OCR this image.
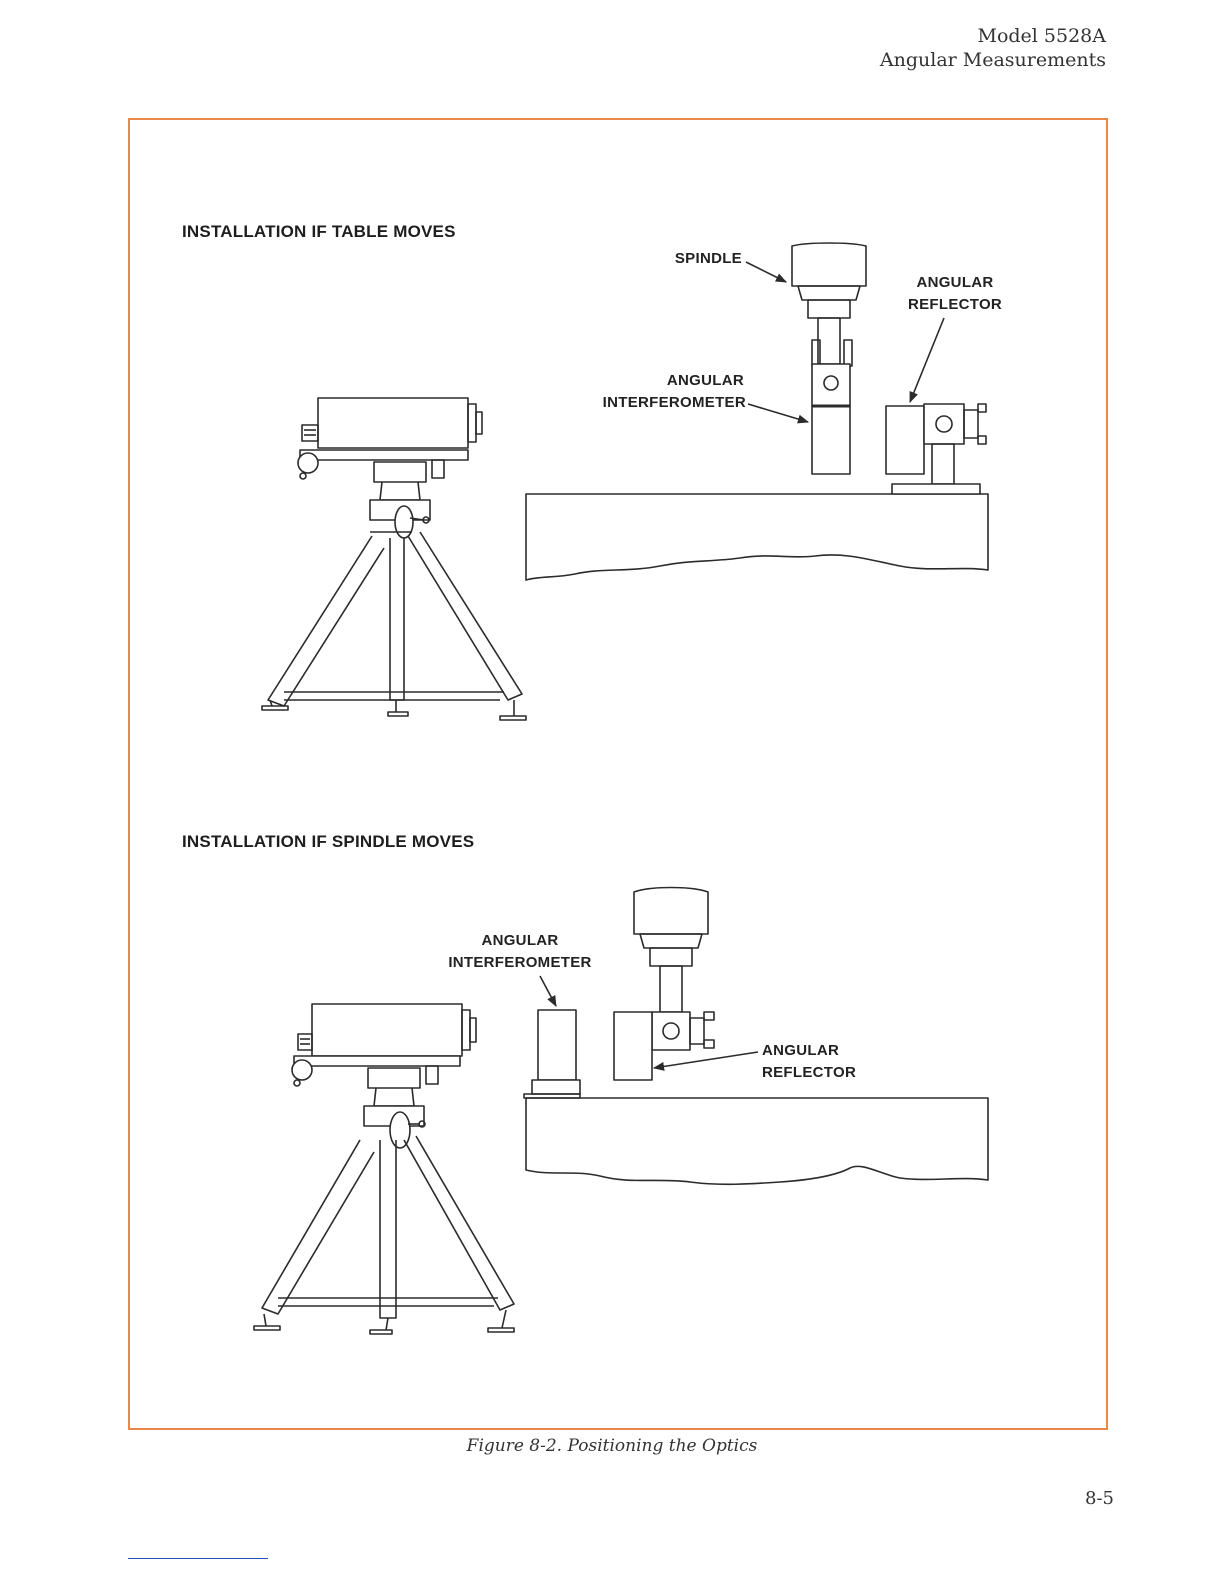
Model 5528A
Angular Measurements
INSTALLATION IF TABLE MOVES
INSTALLATION IF SPINDLE MOVES
SPINDLE
ANGULAR
REFLECTOR
ANGULAR
INTERFEROMETER
ANGULAR
INTERFEROMETER
ANGULAR
REFLECTOR
Figure 8-2. Positioning the Optics
8-5
